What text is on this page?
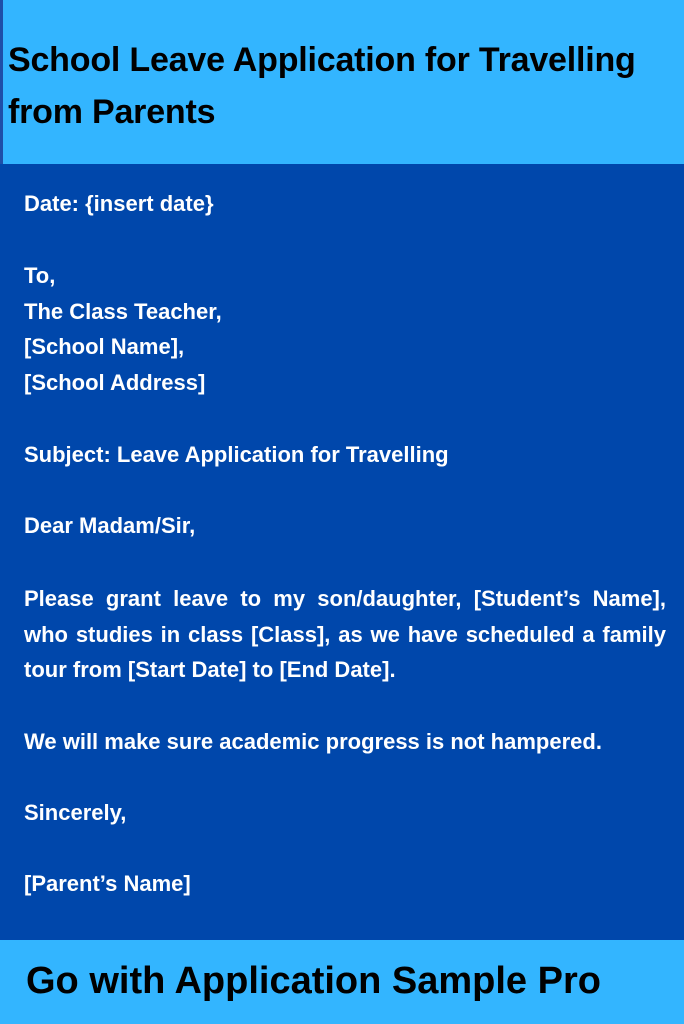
School Leave Application for Travelling from Parents

Date: {insert date}

To,

The Class Teacher,

[School Name],

[School Address]

Subject: Leave Application for Travelling

Dear Madam/Sir,

Please grant leave to my son/daughter, [Student’s Name], who studies in class [Class], as we have scheduled a family tour from [Start Date] to [End Date].

We will make sure academic progress is not hampered.

Sincerely,

[Parent’s Name]

Go with Application Sample Pro
